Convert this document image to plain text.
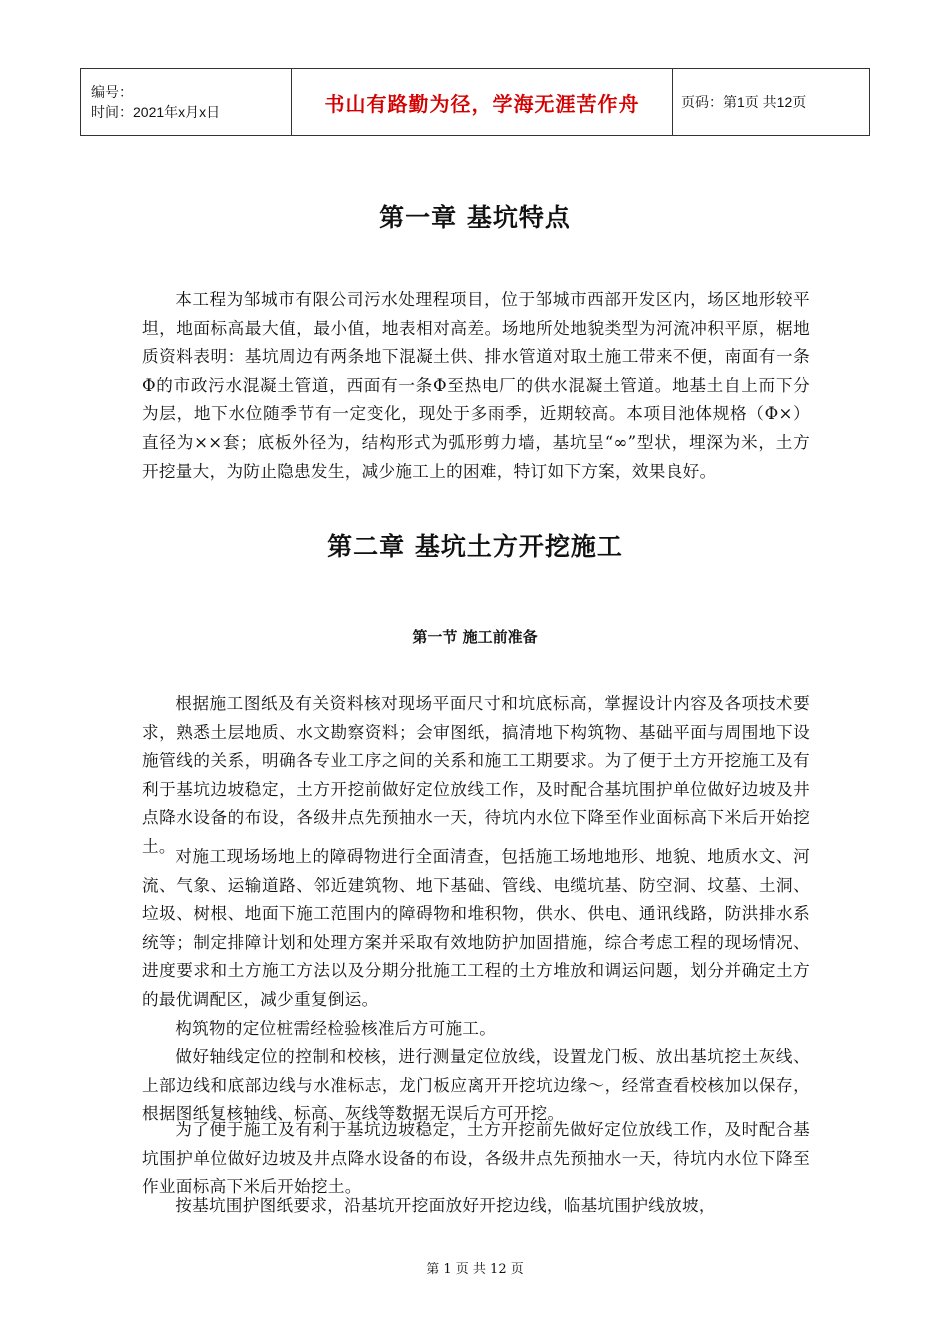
编号：
时间：2021年x月x日	书山有路勤为径，学海无涯苦作舟	页码：第1页 共12页
第一章 基坑特点

本工程为邹城市有限公司污水处理程项目，位于邹城市西部开发区内，场区地形较平坦，地面标高最大值，最小值，地表相对高差。场地所处地貌类型为河流冲积平原，椐地质资料表明：基坑周边有两条地下混凝土供、排水管道对取土施工带来不便，南面有一条Φ的市政污水混凝土管道，西面有一条Φ至热电厂的供水混凝土管道。地基土自上而下分为层，地下水位随季节有一定变化，现处于多雨季，近期较高。本项目池体规格（Φ×）直径为××套；底板外径为，结构形式为弧形剪力墙，基坑呈“∞”型状，埋深为米，土方开挖量大，为防止隐患发生，减少施工上的困难，特订如下方案，效果良好。

第二章 基坑土方开挖施工
第一节 施工前准备

根据施工图纸及有关资料核对现场平面尺寸和坑底标高，掌握设计内容及各项技术要求，熟悉土层地质、水文勘察资料；会审图纸，搞清地下构筑物、基础平面与周围地下设施管线的关系，明确各专业工序之间的关系和施工工期要求。为了便于土方开挖施工及有利于基坑边坡稳定，土方开挖前做好定位放线工作，及时配合基坑围护单位做好边坡及井点降水设备的布设，各级井点先预抽水一天，待坑内水位下降至作业面标高下米后开始挖土。

对施工现场场地上的障碍物进行全面清查，包括施工场地地形、地貌、地质水文、河流、气象、运输道路、邻近建筑物、地下基础、管线、电缆坑基、防空洞、坟墓、土洞、垃圾、树根、地面下施工范围内的障碍物和堆积物，供水、供电、通讯线路，防洪排水系统等；制定排障计划和处理方案并采取有效地防护加固措施，综合考虑工程的现场情况、进度要求和土方施工方法以及分期分批施工工程的土方堆放和调运问题，划分并确定土方的最优调配区，减少重复倒运。

构筑物的定位桩需经检验核准后方可施工。

做好轴线定位的控制和校核，进行测量定位放线，设置龙门板、放出基坑挖土灰线、上部边线和底部边线与水准标志，龙门板应离开开挖坑边缘～，经常查看校核加以保存，根据图纸复核轴线、标高、灰线等数据无误后方可开挖。

为了便于施工及有利于基坑边坡稳定，土方开挖前先做好定位放线工作，及时配合基坑围护单位做好边坡及井点降水设备的布设，各级井点先预抽水一天，待坑内水位下降至作业面标高下米后开始挖土。

按基坑围护图纸要求，沿基坑开挖面放好开挖边线，临基坑围护线放坡，

第 1 页 共 12 页
